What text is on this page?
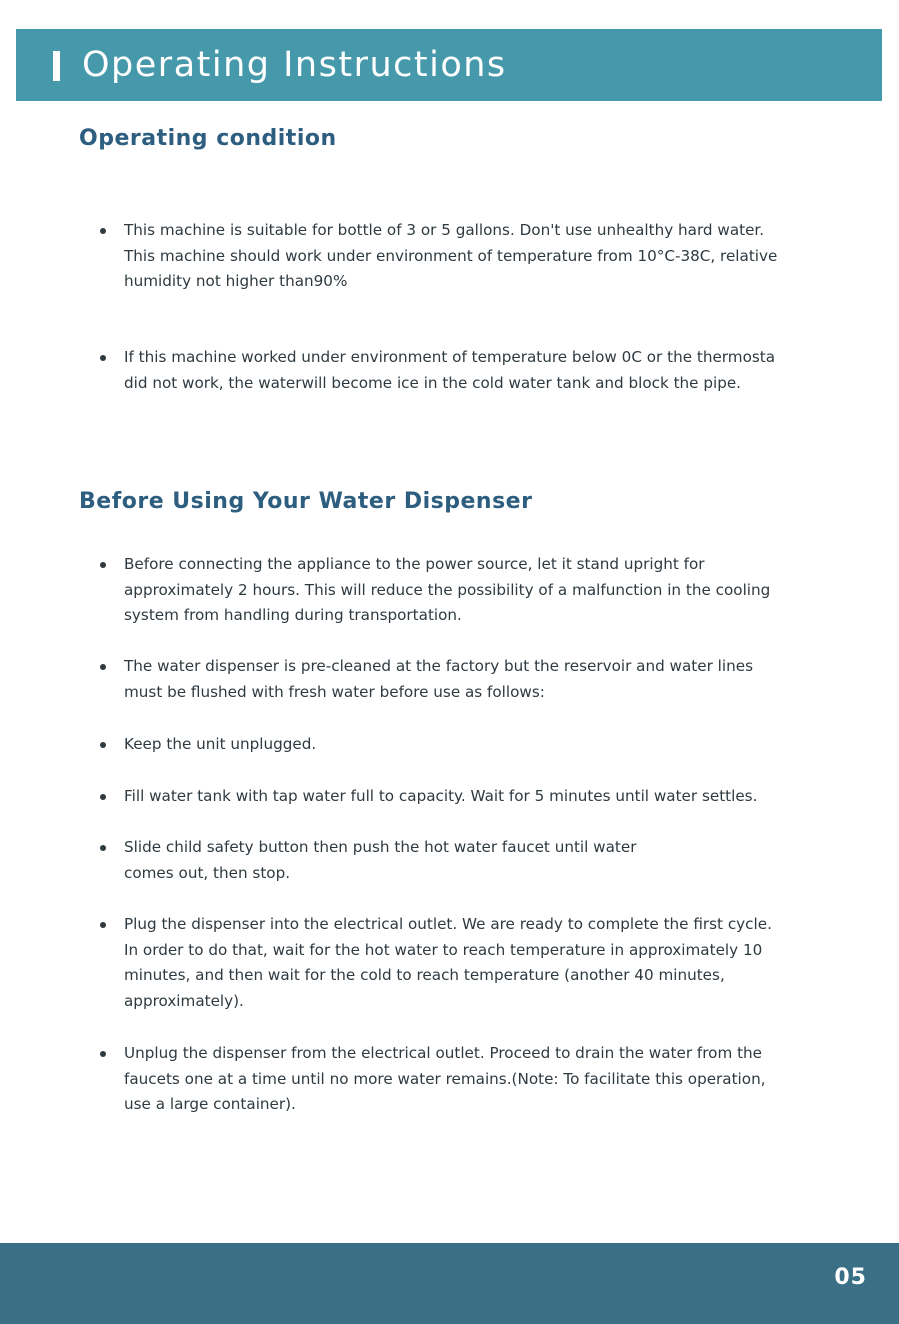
Operating Instructions
Operating condition
This machine is suitable for bottle of 3 or 5 gallons. Don't use unhealthy hard water.
This machine should work under environment of temperature from 10°C-38C, relative
humidity not higher than90%
If this machine worked under environment of temperature below 0C or the thermosta
did not work, the waterwill become ice in the cold water tank and block the pipe.
Before Using Your Water Dispenser
Before connecting the appliance to the power source, let it stand upright for
approximately 2 hours. This will reduce the possibility of a malfunction in the cooling
system from handling during transportation.
The water dispenser is pre-cleaned at the factory but the reservoir and water lines
must be flushed with fresh water before use as follows:
Keep the unit unplugged.
Fill water tank with tap water full to capacity. Wait for 5 minutes until water settles.
Slide child safety button then push the hot water faucet until water
comes out, then stop.
Plug the dispenser into the electrical outlet. We are ready to complete the first cycle.
In order to do that, wait for the hot water to reach temperature in approximately 10
minutes, and then wait for the cold to reach temperature (another 40 minutes,
approximately).
Unplug the dispenser from the electrical outlet. Proceed to drain the water from the
faucets one at a time until no more water remains.(Note: To facilitate this operation,
use a large container).
05
